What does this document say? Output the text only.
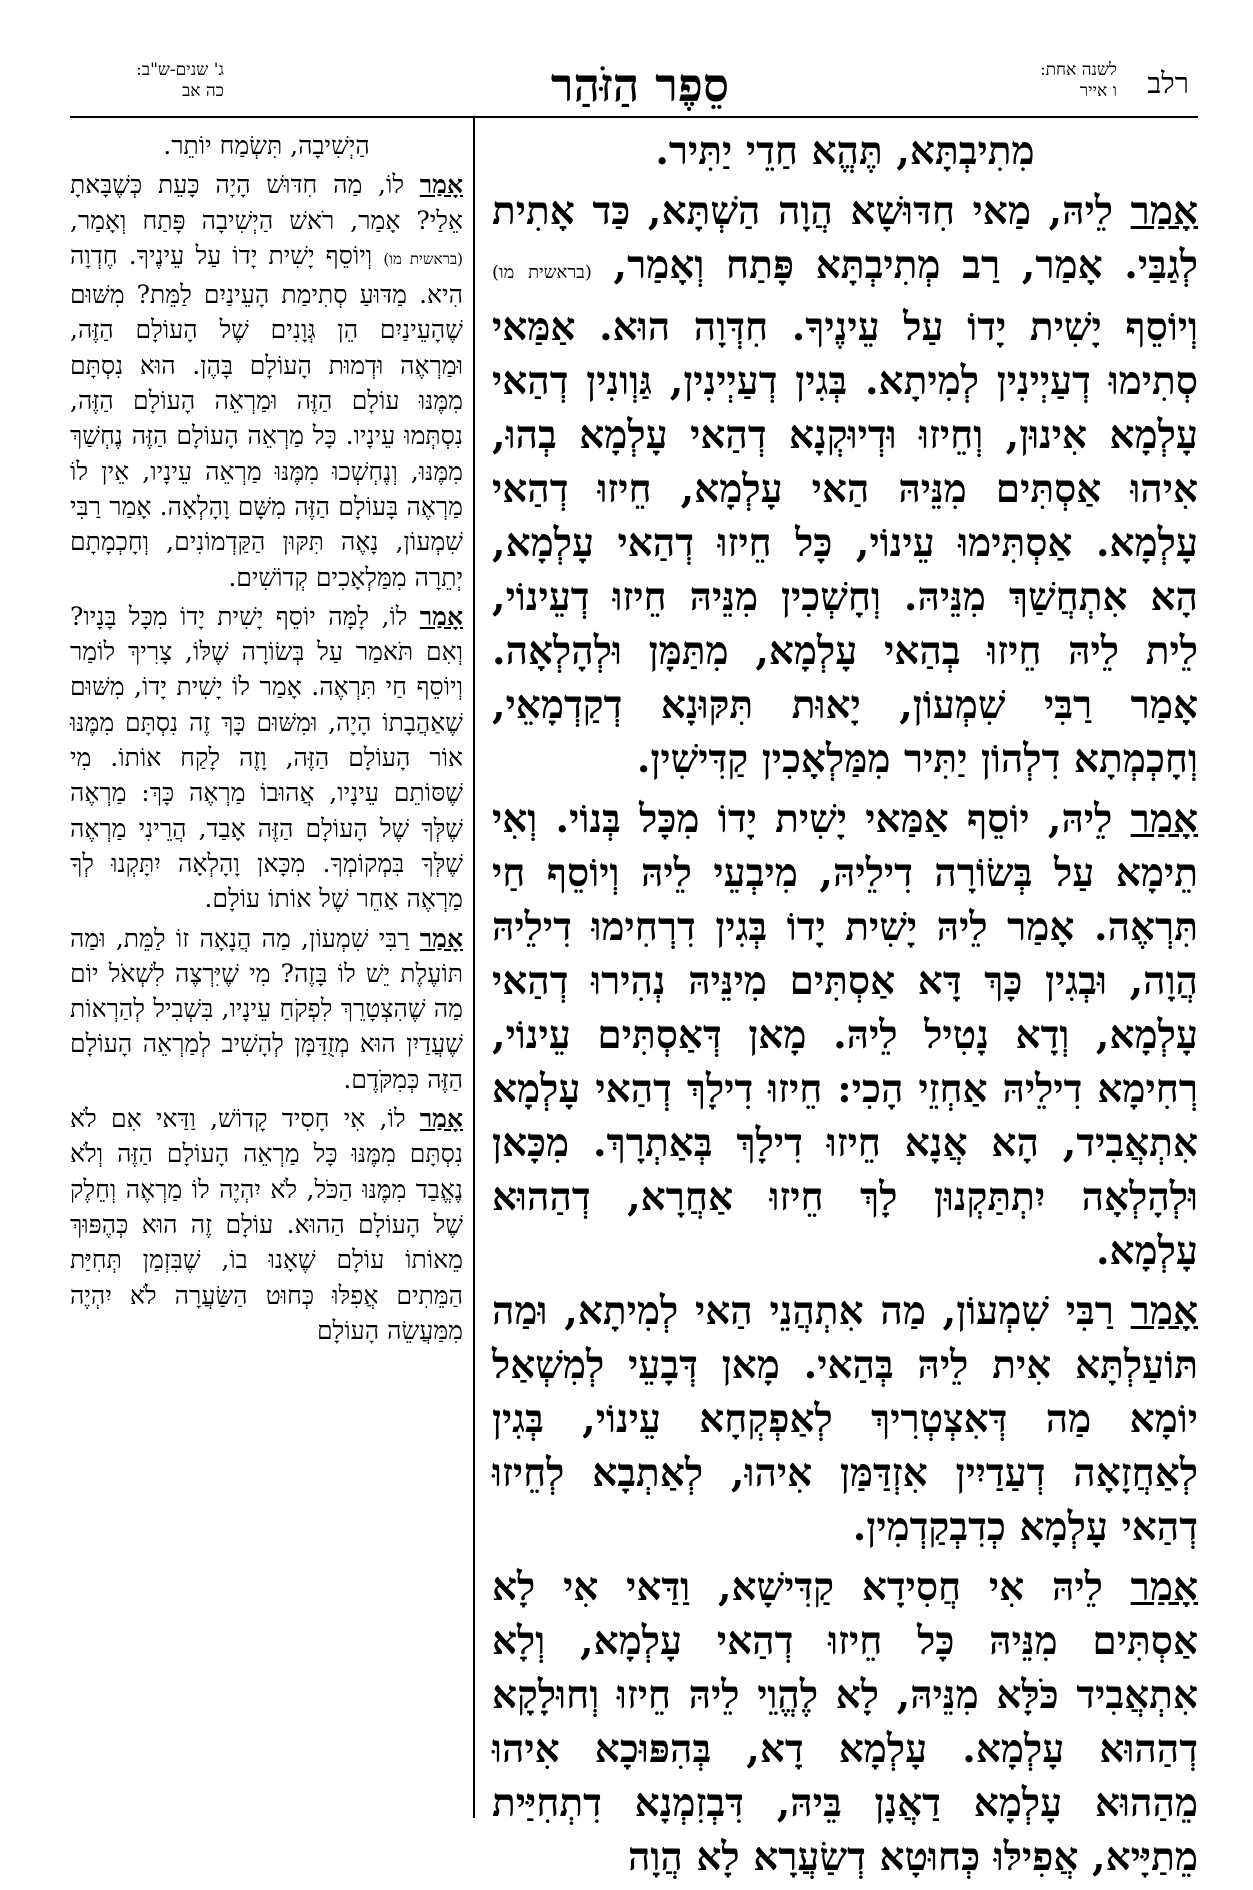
רלב
לשנה אחת:
ו אייר
סֵפֶר הַזֹּהַר
ג' שנים-ש"ב:
כה אב

מִתִיבְתָּא, תֶּהֱא חַדֵי יַתִּיר.

אָמַר לֵיהּ, מַאי חִדּוּשָׁא הֲוָה הַשְׁתָּא, כַּד אָתִית לְגַבַּי. אָמַר, רַב מְתִיבְתָּא פָּתַח וְאָמַר, (בראשית מו) וְיוֹסֵף יָשִׁית יָדוֹ עַל עֵינֶיךָ. חִדְּוָה הוּא. אַמַּאי סְתִימוּ דְעַיְינִין לְמִיתָא. בְּגִין דְעַיְינִין, גַּוְונִין דְהַאי עָלְמָא אִינוּן, וְחֵיזוּ וּדְיוּקְנָא דְהַאי עָלְמָא בְהוּ, אִיהוּ אַסְתִּים מִנֵּיהּ הַאי עָלְמָא, חֵיזוּ דְהַאי עָלְמָא. אַסְתִּימוּ עֵינוֹי, כָּל חֵיזוּ דְהַאי עָלְמָא, הָא אִתְחֲשַׁךְ מִנֵּיהּ. וְחָשְׁכִין מִנֵּיהּ חֵיזוּ דְעֵינוֹי, לֵית לֵיהּ חֵיזוּ בְהַאי עָלְמָא, מִתַּמָּן וּלְהָלְאָה. אָמַר רַבִּי שִׁמְעוֹן, יָאוּת תִּקּוּנָא דְקַדְמָאֵי, וְחָכְמְתָא דִלְהוֹן יַתִּיר מִמַּלְאָכִין קַדִּישִׁין.

אָמַר לֵיהּ, יוֹסֵף אַמַּאי יָשִׁית יָדוֹ מִכָּל בְּנוֹי. וְאִי תֵימָא עַל בְּשׂוֹרָה דִילֵיהּ, מִיבְעֵי לֵיהּ וְיוֹסֵף חַי תִּרְאֶה. אָמַר לֵיהּ יָשִׁית יָדוֹ בְּגִין דִרְחִימוּ דִילֵיהּ הֲוָה, וּבְגִין כָּךְ דָּא אַסְתִּים מִינֵּיהּ נְהִירוּ דְהַאי עָלְמָא, וְדָא נָטִיל לֵיהּ. מָאן דְּאַסְתִּים עֵינוֹי, רְחִימָא דִילֵיהּ אַחְזֵי הָכִי: חֵיזוּ דִילָךְ דְהַאי עָלְמָא אִתְאֲבִיד, הָא אֲנָא חֵיזוּ דִילָךְ בְּאַתְרָךְ. מִכָּאן וּלְהָלְאָה יִתְתַּקְנוּן לָךְ חֵיזוּ אַחֲרָא, דְהַהוּא עָלְמָא.

אָמַר רַבִּי שִׁמְעוֹן, מַה אִתְהֲנֵי הַאי לְמִיתָא, וּמַה תּוֹעַלְתָּא אִית לֵיהּ בְּהַאי. מָאן דְּבָעֵי לְמִשְׁאַל יוֹמָא מַה דְּאִצְטְרִיךְ לְאַפְקְחָא עֵינוֹי, בְּגִין לְאַחֲזָאָה דְעַדַיִין אִזְדַּמַּן אִיהוּ, לְאַתְבָא לְחֵיזוּ דְהַאי עָלְמָא כְדִבְקַדְמִין.

אָמַר לֵיהּ אִי חֲסִידָא קַדִּישָׁא, וַדַּאי אִי לָא אַסְתִּים מִנֵּיהּ כָּל חֵיזוּ דְהַאי עָלְמָא, וְלָא אִתְאֲבִיד כֹּלָּא מִנֵּיהּ, לָא לֶהֱוֵי לֵיהּ חֵיזוּ וְחוּלָקָא דְהַהוּא עָלְמָא. עָלְמָא דָא, בְּהִפּוּכָא אִיהוּ מֵהַהוּא עָלְמָא דַאֲנָן בֵּיהּ, דִּבְזִמְנָא דִתְחִיַּית מֵתַיָּיא, אֲפִילּוּ כְּחוּטָא דְשַׂעֲרָא לָא הֲוָה

הַיְשִׁיבָה, תִּשְׂמַח יוֹתֵר.

אָמַר לוֹ, מַה חִדּוּשׁ הָיָה כָּעֵת כְּשֶׁבָּאתָ אֵלַי? אָמַר, רֹאשׁ הַיְשִׁיבָה פָּתַח וְאָמַר, (בראשית מו) וְיוֹסֵף יָשִׁית יָדוֹ עַל עֵינֶיךָ. חֶדְוָה הִיא. מַדּוּעַ סְתִימַת הָעֵינַיִם לַמֵּת? מִשּׁוּם שֶׁהָעֵינַיִם הֵן גְּוָנִים שֶׁל הָעוֹלָם הַזֶּה, וּמַרְאֶה וּדְמוּת הָעוֹלָם בָּהֶן. הוּא נִסְתָּם מִמֶּנּוּ עוֹלָם הַזֶּה וּמַרְאֵה הָעוֹלָם הַזֶּה, נִסְתְּמוּ עֵינָיו. כָּל מַרְאֵה הָעוֹלָם הַזֶּה נֶחְשַׁךְ מִמֶּנּוּ, וְנֶחְשְׁכוּ מִמֶּנּוּ מַרְאֵה עֵינָיו, אֵין לוֹ מַרְאֶה בָּעוֹלָם הַזֶּה מִשָּׁם וָהָלְאָה. אָמַר רַבִּי שִׁמְעוֹן, נָאֶה תִּקּוּן הַקַּדְמוֹנִים, וְחָכְמָתָם יְתֵרָה מִמַּלְאָכִים קְדוֹשִׁים.

אָמַר לוֹ, לָמָּה יוֹסֵף יָשִׁית יָדוֹ מִכָּל בָּנָיו? וְאִם תֹּאמַר עַל בְּשׂוֹרָה שֶׁלּוֹ, צָרִיךְ לוֹמַר וְיוֹסֵף חַי תִּרְאֶה. אָמַר לוֹ יָשִׁית יָדוֹ, מִשּׁוּם שֶׁאַהֲבָתוֹ הָיָה, וּמִשּׁוּם כָּךְ זֶה נִסְתָּם מִמֶּנּוּ אוֹר הָעוֹלָם הַזֶּה, וָזֶה לָקַח אוֹתוֹ. מִי שֶׁסּוֹתֵם עֵינָיו, אֲהוּבוֹ מַרְאֶה כָּךְ: מַרְאֶה שֶׁלְּךָ שֶׁל הָעוֹלָם הַזֶּה אָבַד, הֲרֵינִי מַרְאֶה שֶׁלְּךָ בִּמְקוֹמְךָ. מִכָּאן וָהָלְאָה יִתָּקְנוּ לְךָ מַרְאֶה אַחֵר שֶׁל אוֹתוֹ עוֹלָם.

אָמַר רַבִּי שִׁמְעוֹן, מַה הֲנָאָה זוֹ לַמֵּת, וּמַה תּוֹעֶלֶת יֵשׁ לוֹ בָּזֶה? מִי שֶׁיִּרְצֶה לִשְׁאֹל יוֹם מַה שֶׁהִצְטָרֵךְ לִפְקֹחַ עֵינָיו, בִּשְׁבִיל לְהַרְאוֹת שֶׁעֲדַיִן הוּא מְזֻדַּמָּן לְהָשִׁיב לְמַרְאֵה הָעוֹלָם הַזֶּה כְּמִקֹּדֶם.

אָמַר לוֹ, אִי חָסִיד קָדוֹשׁ, וַדַּאי אִם לֹא נִסְתָּם מִמֶּנּוּ כָּל מַרְאֵה הָעוֹלָם הַזֶּה וְלֹא נֶאֱבַד מִמֶּנּוּ הַכֹּל, לֹא יִהְיֶה לוֹ מַרְאֶה וְחֵלֶק שֶׁל הָעוֹלָם הַהוּא. עוֹלָם זֶה הוּא כְּהֶפּוּךְ מֵאוֹתוֹ עוֹלָם שֶׁאָנוּ בוֹ, שֶׁבִּזְמַן תְּחִיַּת הַמֵּתִים אֲפִלּוּ כְּחוּט הַשַּׂעֲרָה לֹא יִהְיֶה מִמַּעֲשֵׂה הָעוֹלָם
